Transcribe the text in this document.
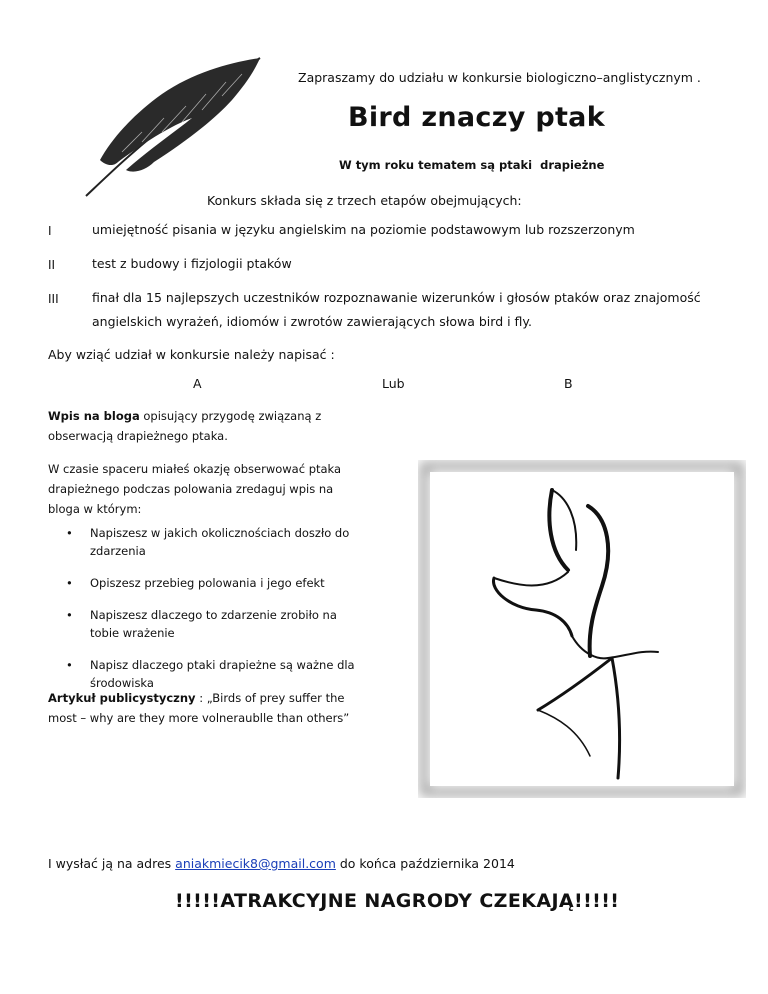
Zapraszamy do udziału w konkursie biologiczno–anglistycznym .
Bird znaczy ptak
W tym roku tematem są ptaki  drapieżne
Konkurs składa się z trzech etapów obejmujących:
I	umiejętność pisania w języku angielskim na poziomie podstawowym lub rozszerzonym
II	test z budowy i fizjologii ptaków
III	finał dla 15 najlepszych uczestników rozpoznawanie wizerunków i głosów ptaków oraz znajomość angielskich wyrażeń, idiomów i zwrotów zawierających słowa bird i fly.
Aby wziąć udział w konkursie należy napisać :
A	Lub	B
Wpis na bloga opisujący przygodę związaną z obserwacją drapieżnego ptaka.
W czasie spaceru miałeś okazję obserwować ptaka drapieżnego podczas polowania zredaguj wpis na bloga w którym:
• Napiszesz w jakich okolicznościach doszło do zdarzenia
• Opiszesz przebieg polowania i jego efekt
• Napiszesz dlaczego to zdarzenie zrobiło na tobie wrażenie
• Napisz dlaczego ptaki drapieżne są ważne dla środowiska
Artykuł publicystyczny : „Birds of prey suffer the most – why are they more volneraublle than others”
I wysłać ją na adres aniakmiecik8@gmail.com do końca października 2014
!!!!!ATRAKCYJNE NAGRODY CZEKAJĄ!!!!!
